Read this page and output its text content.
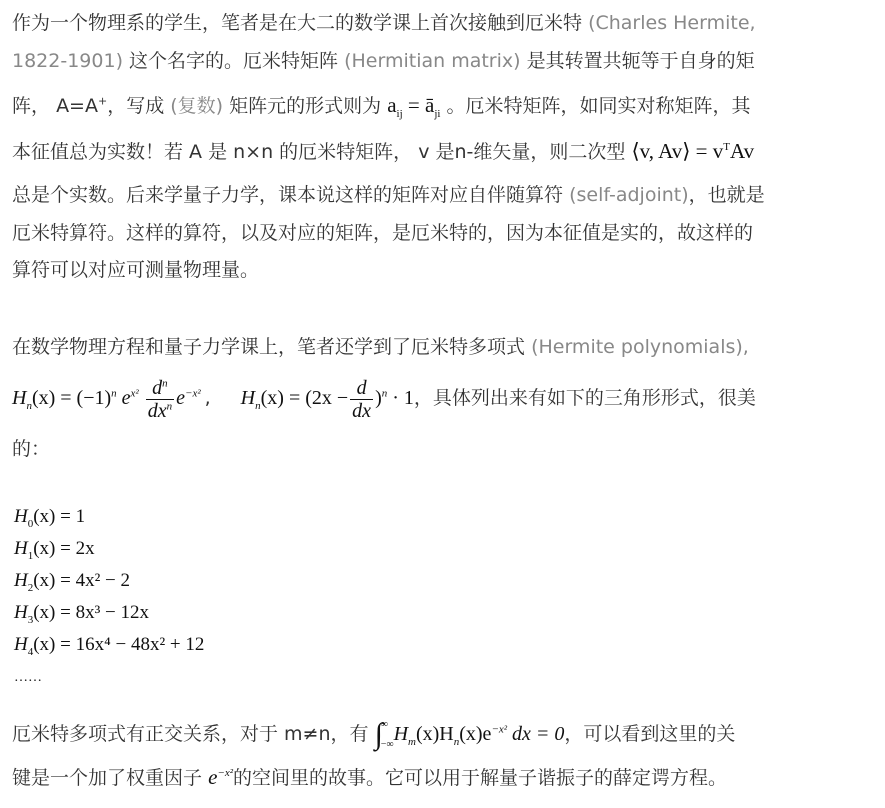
作为一个物理系的学生，笔者是在大二的数学课上首次接触到厄米特 (Charles Hermite,
1822-1901) 这个名字的。厄米特矩阵 (Hermitian matrix) 是其转置共轭等于自身的矩
阵， A=A+，写成 (复数) 矩阵元的形式则为 $a_{ij}$ = $ā_{ji}$ 。厄米特矩阵，如同实对称矩阵，其
本征值总为实数！若 A 是 n×n 的厄米特矩阵， v 是n-维矢量，则二次型 ⟨v, Av⟩ = $v^TAv$
总是个实数。后来学量子力学，课本说这样的矩阵对应自伴随算符 (self-adjoint)，也就是
厄米特算符。这样的算符，以及对应的矩阵，是厄米特的，因为本征值是实的，故这样的
算符可以对应可测量物理量。
在数学物理方程和量子力学课上，笔者还学到了厄米特多项式 (Hermite polynomials),
$H_n(x) = (-1)^n$ $e^{x^2} \frac{d^n}{dx^n} e^{-x^2}$ , $H_n(x) = (2x - \frac{d}{dx} )^n \cdot 1$，具体列出来有如下的三角形形式，很美
的：
$H_0(x) = 1$
$H_1(x) = 2x$
$H_2(x) = 4x^2 - 2$
$H_3(x) = 8x^3 - 12x$
$H_4(x) = 16x^4 - 48x^2 + 12$
……
厄米特多项式有正交关系，对于 m≠n，有 ∫
∞
−∞ $H_m(x)H_n(x)e^{-x^2}$ dx = 0，可以看到这里的关
键是一个加了权重因子 $e^{-x^2}$的空间里的故事。它可以用于解量子谐振子的薛定谔方程。
